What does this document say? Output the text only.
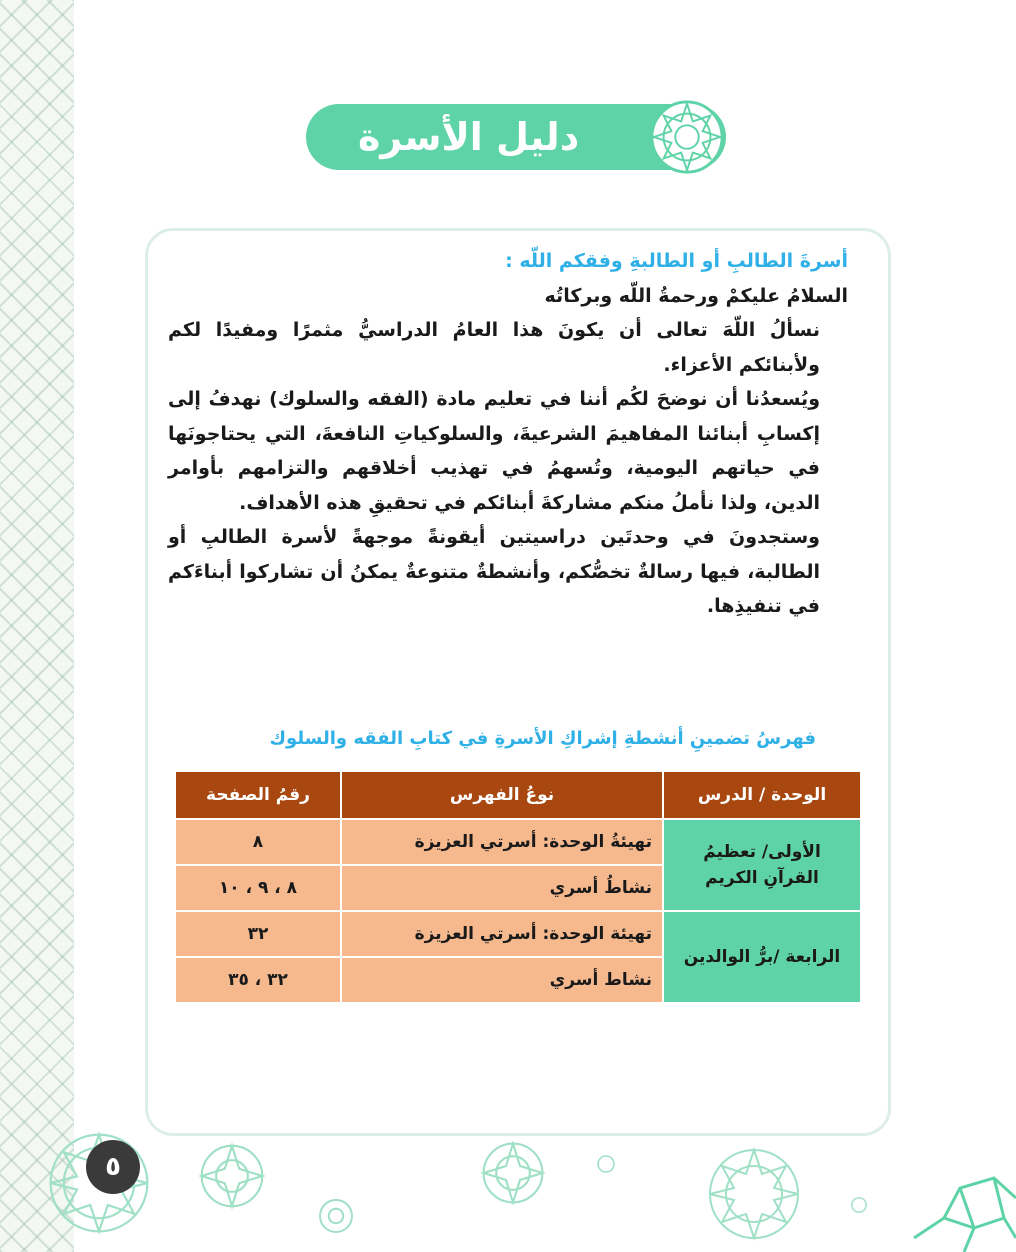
دليل الأسرة

أسرةَ الطالبِ أو الطالبةِ وفقكم اللّه :

السلامُ عليكمْ ورحمةُ اللّه وبركاتُه

نسألُ اللّهَ تعالى أن يكونَ هذا العامُ الدراسيُّ مثمرًا ومفيدًا لكم ولأبنائكم الأعزاء.

ويُسعدُنا أن نوضحَ لكُم أننا في تعليم مادة (الفقه والسلوك) نهدفُ إلى إكسابِ أبنائنا المفاهيمَ الشرعيةَ، والسلوكياتِ النافعةَ، التي يحتاجونَها في حياتهم اليومية، وتُسهمُ في تهذيب أخلاقهم والتزامهم بأوامر الدين، ولذا نأملُ منكم مشاركةَ أبنائكم في تحقيقِ هذه الأهداف.

وستجدونَ في وحدتَين دراسيتين أيقونةً موجهةً لأسرة الطالبِ أو الطالبة، فيها رسالةٌ تخصُّكم، وأنشطةٌ متنوعةٌ يمكنُ أن تشاركوا أبناءَكم في تنفيذِها.

فهرسُ تضمينِ أنشطةِ إشراكِ الأسرةِ في كتابِ الفقه والسلوك
الوحدة / الدرس	نوعُ الفهرس	رقمُ الصفحة
الأولى/ تعظيمُ القرآنِ الكريم	تهيئةُ الوحدة: أسرتي العزيزة	٨
	نشاطُ أسري	٨ ، ٩ ، ١٠
الرابعة /برُّ الوالدين	تهيئة الوحدة: أسرتي العزيزة	٣٢
	نشاط أسري	٣٢ ، ٣٥
٥
